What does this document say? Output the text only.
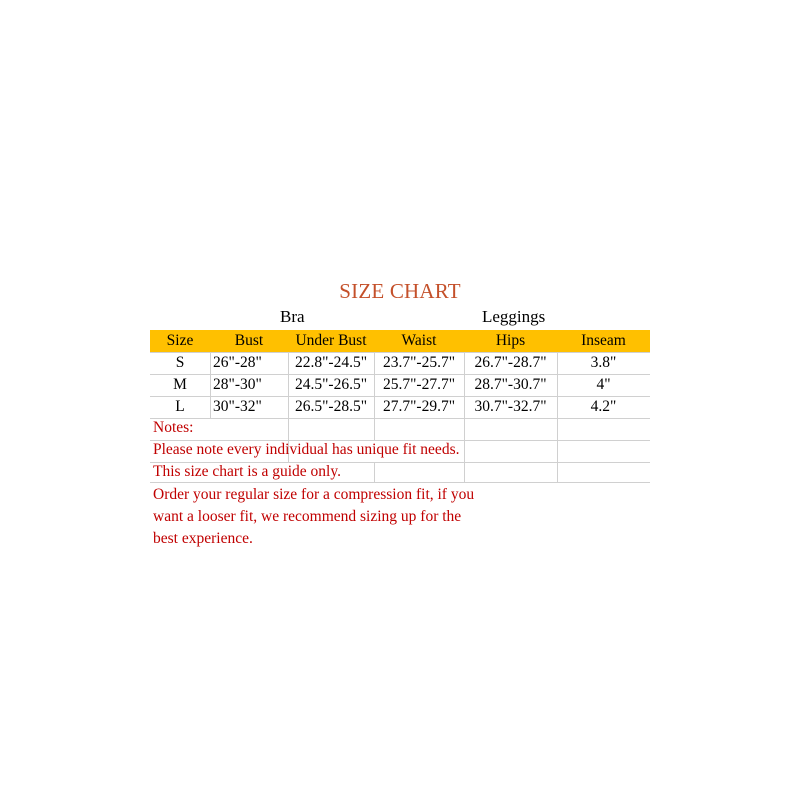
SIZE CHART
Bra	Leggings
Size	Bust	Under Bust	Waist	Hips	Inseam
S	26"-28"	22.8"-24.5"	23.7"-25.7"	26.7"-28.7"	3.8"
M	28"-30"	24.5"-26.5"	25.7"-27.7"	28.7"-30.7"	4"
L	30"-32"	26.5"-28.5"	27.7"-29.7"	30.7"-32.7"	4.2"
Notes:
Please note every individual has unique fit needs.
This size chart is a guide only.
Order your regular size for a compression fit, if you want a looser fit, we recommend sizing up for the best experience.
